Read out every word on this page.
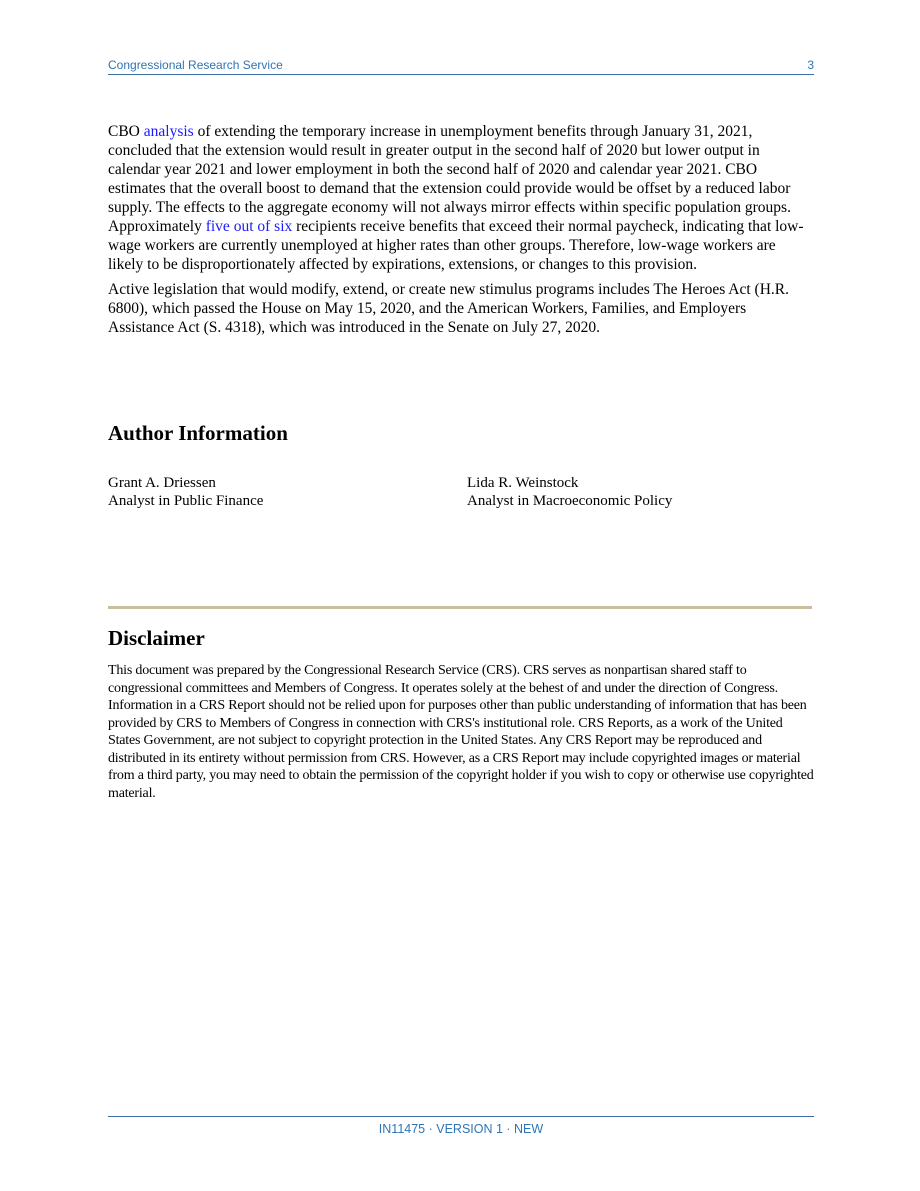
Congressional Research Service	3

CBO analysis of extending the temporary increase in unemployment benefits through January 31, 2021, concluded that the extension would result in greater output in the second half of 2020 but lower output in calendar year 2021 and lower employment in both the second half of 2020 and calendar year 2021. CBO estimates that the overall boost to demand that the extension could provide would be offset by a reduced labor supply. The effects to the aggregate economy will not always mirror effects within specific population groups. Approximately five out of six recipients receive benefits that exceed their normal paycheck, indicating that low-wage workers are currently unemployed at higher rates than other groups. Therefore, low-wage workers are likely to be disproportionately affected by expirations, extensions, or changes to this provision.

Active legislation that would modify, extend, or create new stimulus programs includes The Heroes Act (H.R. 6800), which passed the House on May 15, 2020, and the American Workers, Families, and Employers Assistance Act (S. 4318), which was introduced in the Senate on July 27, 2020.

Author Information
Grant A. Driessen
Analyst in Public Finance
Lida R. Weinstock
Analyst in Macroeconomic Policy
Disclaimer

This document was prepared by the Congressional Research Service (CRS). CRS serves as nonpartisan shared staff to congressional committees and Members of Congress. It operates solely at the behest of and under the direction of Congress. Information in a CRS Report should not be relied upon for purposes other than public understanding of information that has been provided by CRS to Members of Congress in connection with CRS's institutional role. CRS Reports, as a work of the United States Government, are not subject to copyright protection in the United States. Any CRS Report may be reproduced and distributed in its entirety without permission from CRS. However, as a CRS Report may include copyrighted images or material from a third party, you may need to obtain the permission of the copyright holder if you wish to copy or otherwise use copyrighted material.

IN11475 · VERSION 1 · NEW
